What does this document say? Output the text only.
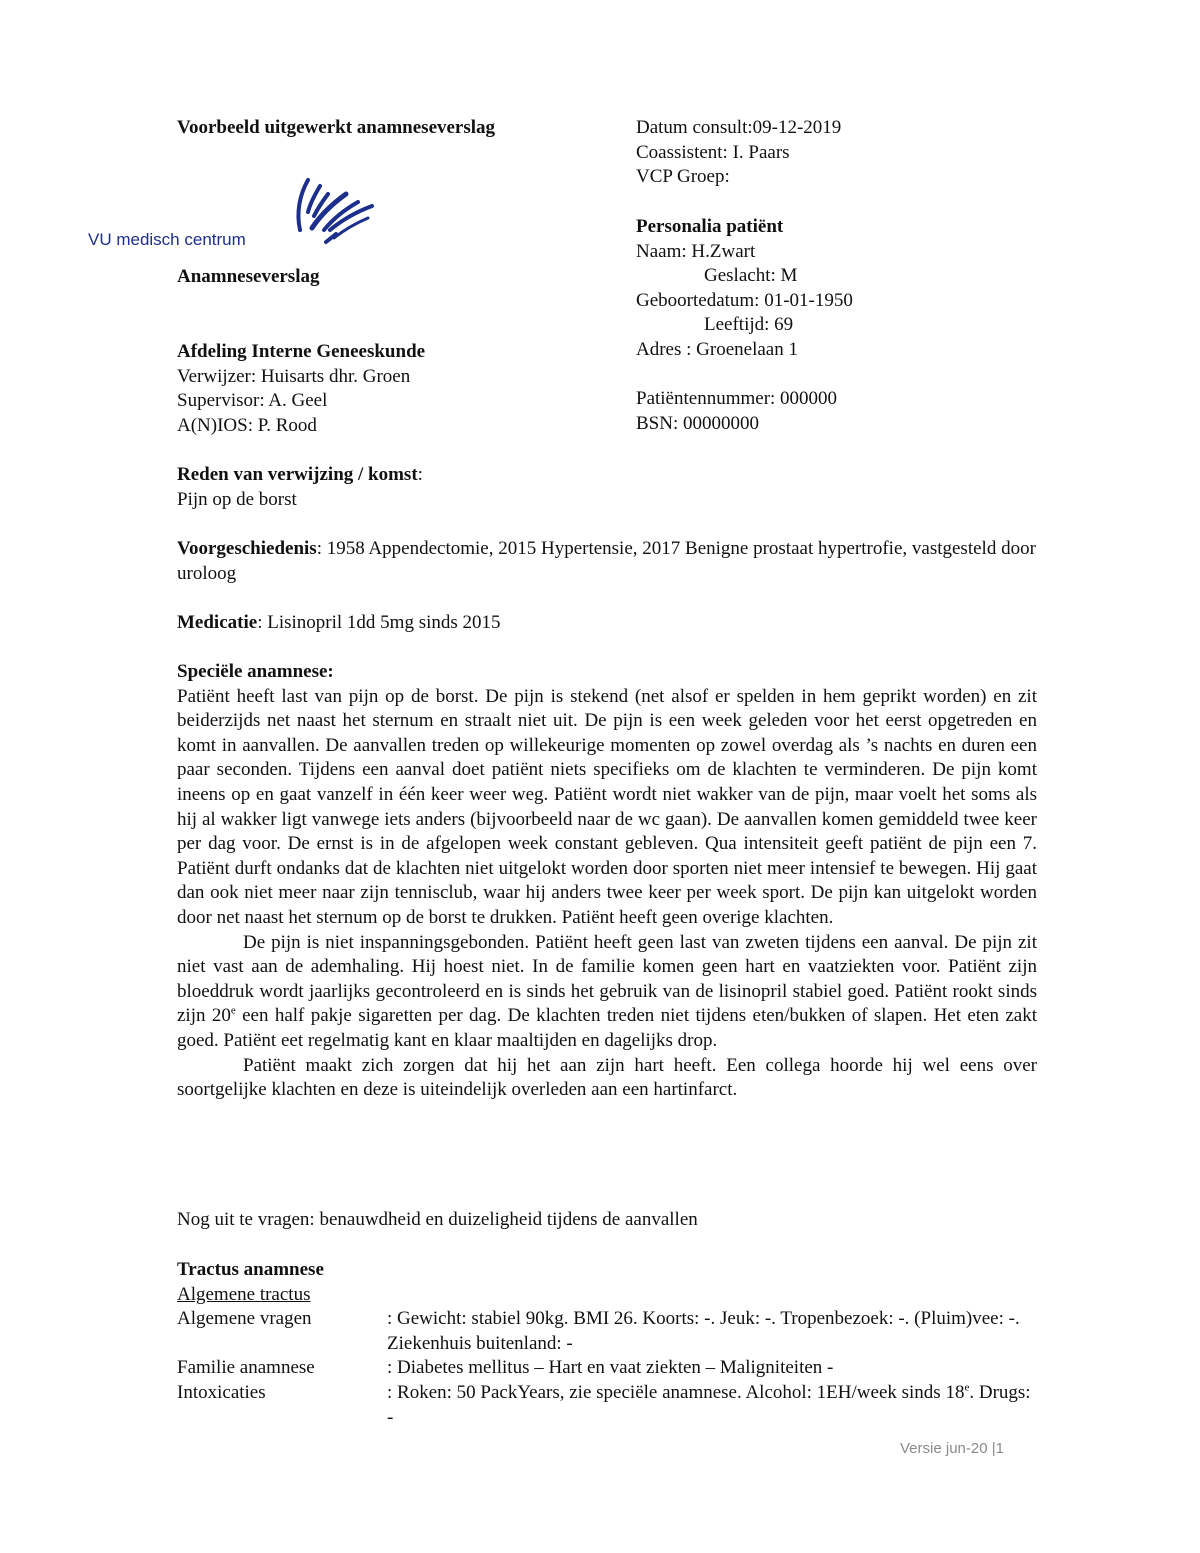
Voorbeeld uitgewerkt anamneseverslag
VU medisch centrum
Anamneseverslag
Datum consult:09-12-2019
Coassistent: I. Paars
VCP Groep:
Personalia patiënt
Naam: H.Zwart
Geslacht: M
Geboortedatum: 01-01-1950
Leeftijd: 69
Adres : Groenelaan 1
Patiëntennummer: 000000
BSN: 00000000
Afdeling Interne Geneeskunde
Verwijzer: Huisarts dhr. Groen
Supervisor: A. Geel
A(N)IOS: P. Rood
Reden van verwijzing / komst:
Pijn op de borst
Voorgeschiedenis: 1958 Appendectomie, 2015 Hypertensie, 2017 Benigne prostaat hypertrofie, vastgesteld door uroloog
Medicatie: Lisinopril 1dd 5mg sinds 2015
Speciële anamnese:

Patiënt heeft last van pijn op de borst. De pijn is stekend (net alsof er spelden in hem geprikt worden) en zit beiderzijds net naast het sternum en straalt niet uit. De pijn is een week geleden voor het eerst opgetreden en komt in aanvallen. De aanvallen treden op willekeurige momenten op zowel overdag als ’s nachts en duren een paar seconden. Tijdens een aanval doet patiënt niets specifieks om de klachten te verminderen. De pijn komt ineens op en gaat vanzelf in één keer weer weg. Patiënt wordt niet wakker van de pijn, maar voelt het soms als hij al wakker ligt vanwege iets anders (bijvoorbeeld naar de wc gaan). De aanvallen komen gemiddeld twee keer per dag voor. De ernst is in de afgelopen week constant gebleven. Qua intensiteit geeft patiënt de pijn een 7. Patiënt durft ondanks dat de klachten niet uitgelokt worden door sporten niet meer intensief te bewegen. Hij gaat dan ook niet meer naar zijn tennisclub, waar hij anders twee keer per week sport. De pijn kan uitgelokt worden door net naast het sternum op de borst te drukken. Patiënt heeft geen overige klachten.

De pijn is niet inspanningsgebonden. Patiënt heeft geen last van zweten tijdens een aanval. De pijn zit niet vast aan de ademhaling. Hij hoest niet. In de familie komen geen hart en vaatziekten voor. Patiënt zijn bloeddruk wordt jaarlijks gecontroleerd en is sinds het gebruik van de lisinopril stabiel goed. Patiënt rookt sinds zijn 20e een half pakje sigaretten per dag. De klachten treden niet tijdens eten/bukken of slapen. Het eten zakt goed. Patiënt eet regelmatig kant en klaar maaltijden en dagelijks drop.

Patiënt maakt zich zorgen dat hij het aan zijn hart heeft. Een collega hoorde hij wel eens over soortgelijke klachten en deze is uiteindelijk overleden aan een hartinfarct.

Nog uit te vragen: benauwdheid en duizeligheid tijdens de aanvallen
Tractus anamnese
Algemene tractus
Algemene vragen	: Gewicht: stabiel 90kg. BMI 26. Koorts: -. Jeuk: -. Tropenbezoek: -. (Pluim)vee: -. Ziekenhuis buitenland: -
Familie anamnese	: Diabetes mellitus – Hart en vaat ziekten – Maligniteiten -
Intoxicaties	: Roken: 50 PackYears, zie speciële anamnese. Alcohol: 1EH/week sinds 18e. Drugs: -
Versie jun-20 |1
